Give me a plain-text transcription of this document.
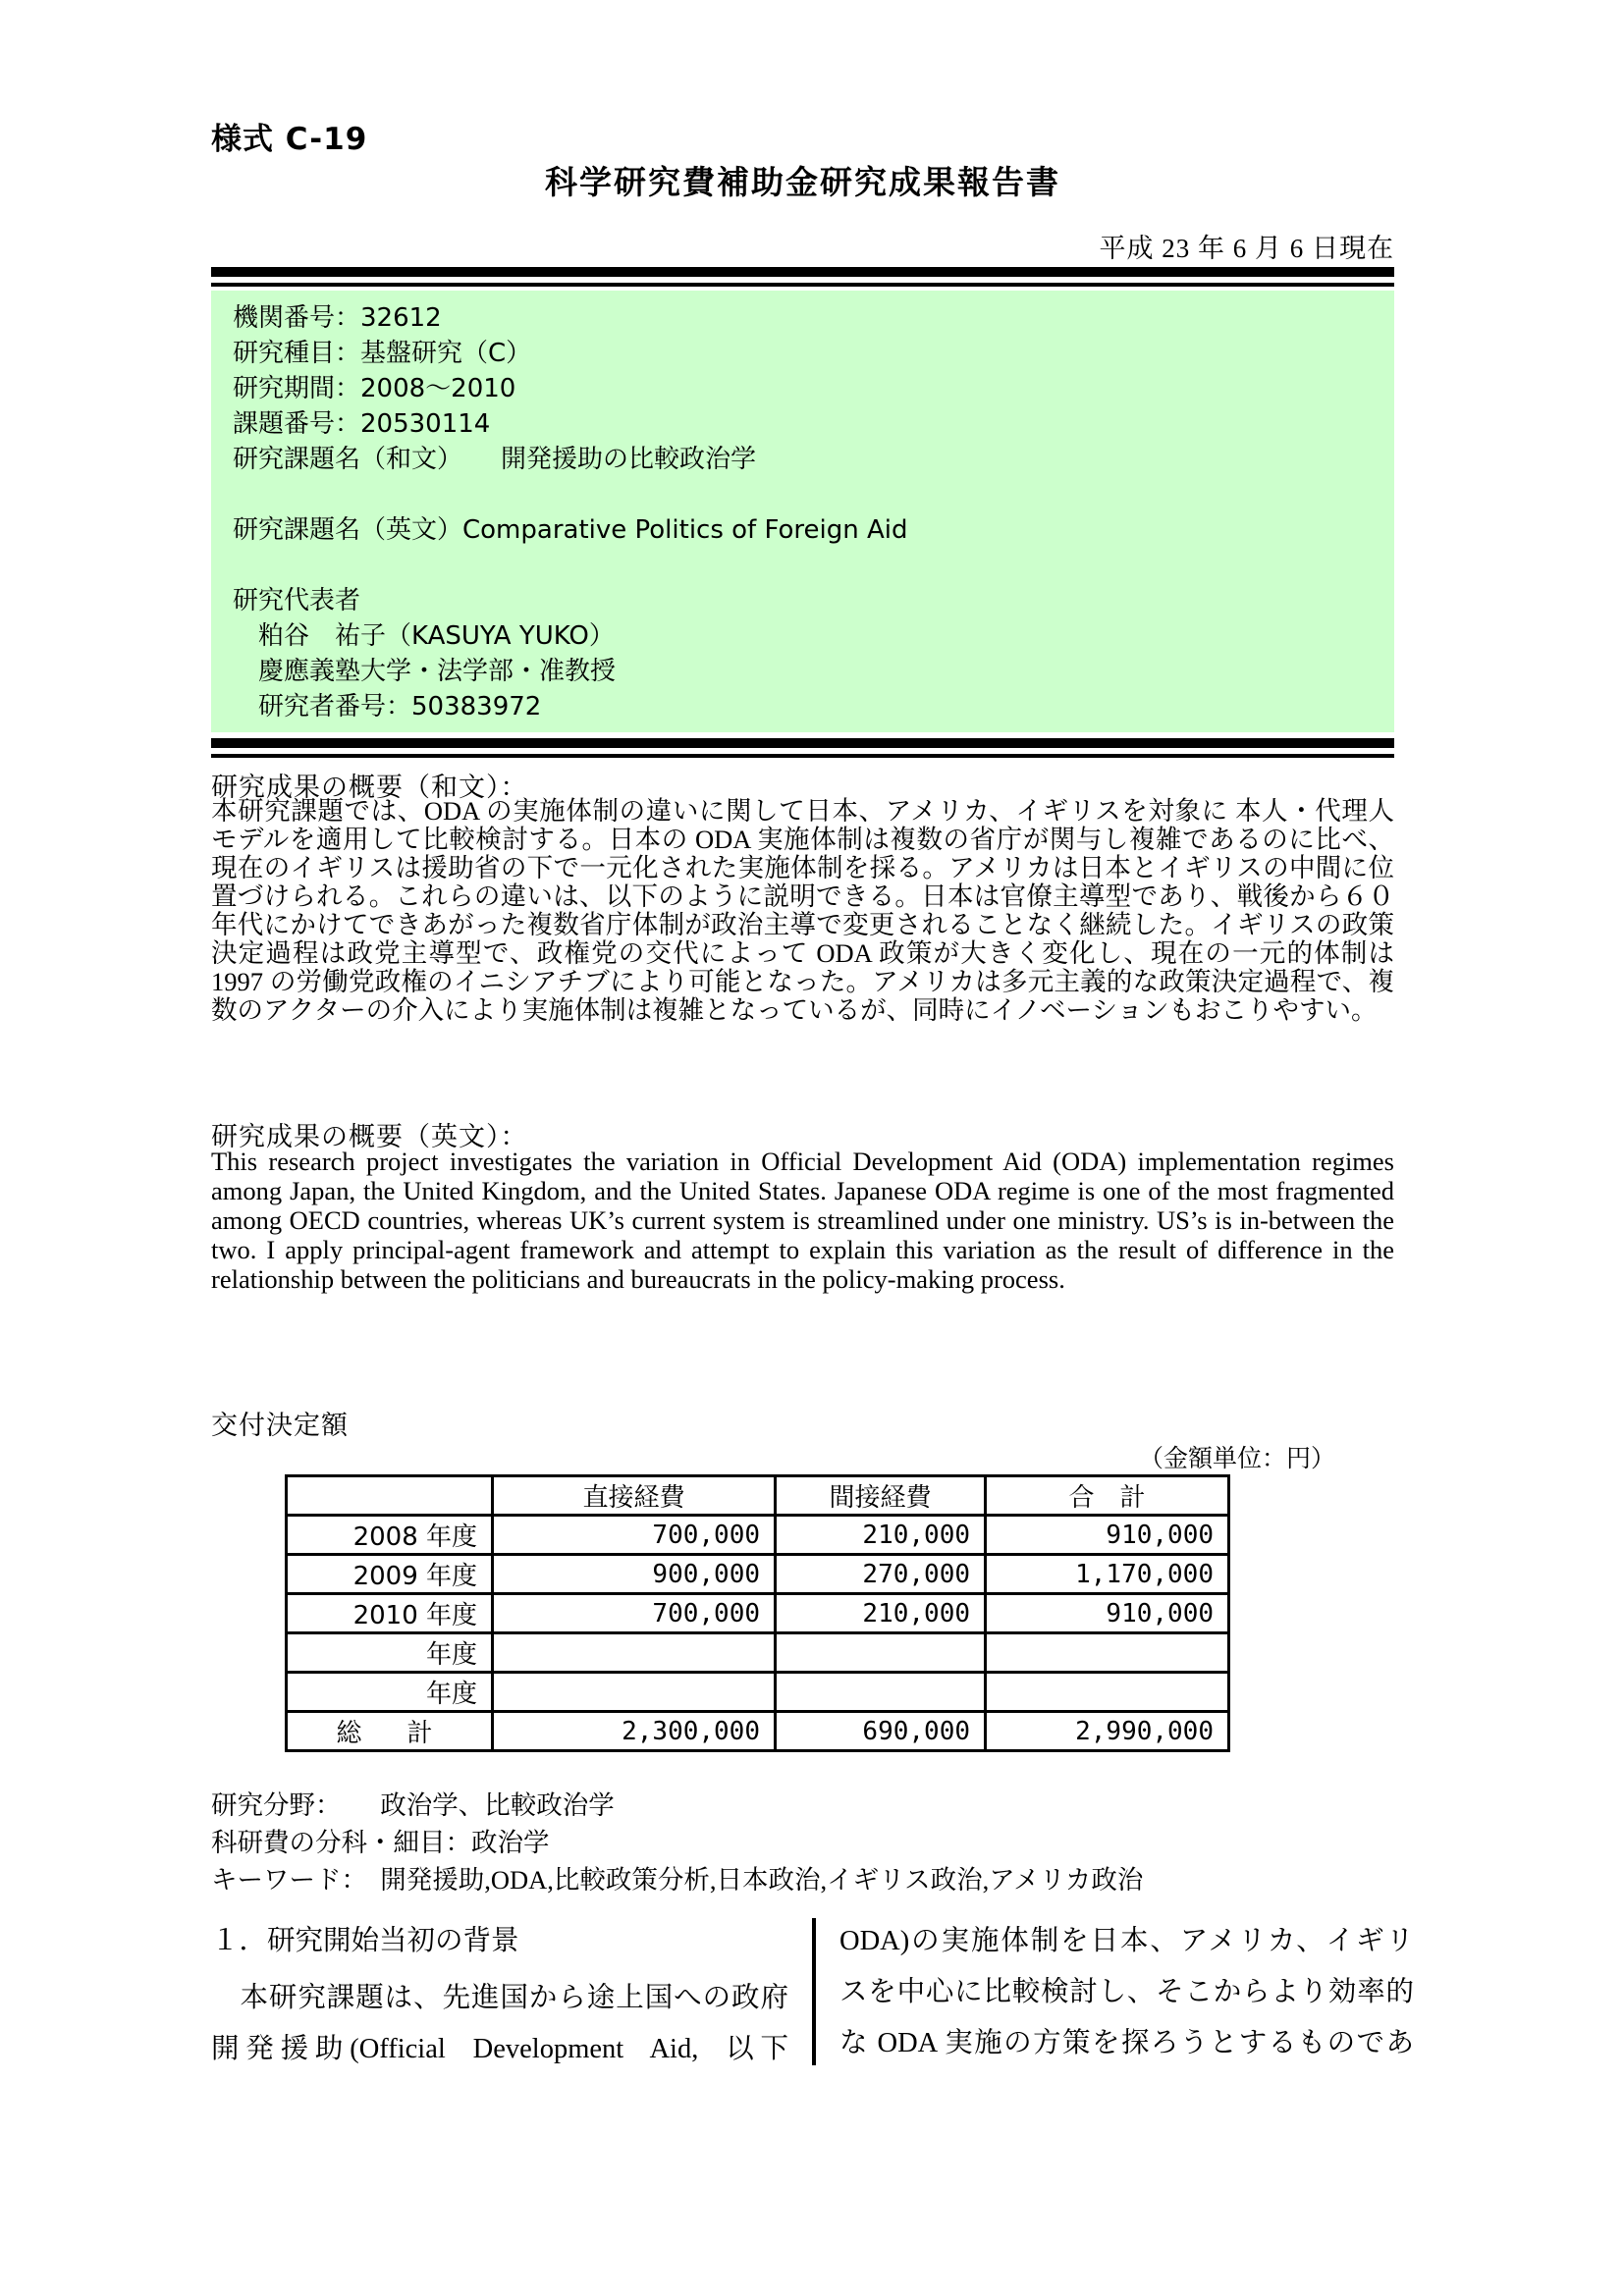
様式 C-19
科学研究費補助金研究成果報告書
平成 23 年 6 月 6 日現在
機関番号：32612
研究種目：基盤研究（C）
研究期間：2008～2010
課題番号：20530114
研究課題名（和文）　　開発援助の比較政治学
研究課題名（英文）Comparative Politics of Foreign Aid
研究代表者
　粕谷　祐子（KASUYA YUKO）
　慶應義塾大学・法学部・准教授
　研究者番号：50383972
研究成果の概要（和文）：
本研究課題では、ODA の実施体制の違いに関して日本、アメリカ、イギリスを対象に 本人・代理人モデルを適用して比較検討する。日本の ODA 実施体制は複数の省庁が関与し複雑であるのに比べ、現在のイギリスは援助省の下で一元化された実施体制を採る。アメリカは日本とイギリスの中間に位置づけられる。これらの違いは、以下のように説明できる。日本は官僚主導型であり、戦後から６０年代にかけてできあがった複数省庁体制が政治主導で変更されることなく継続した。イギリスの政策決定過程は政党主導型で、政権党の交代によって ODA 政策が大きく変化し、現在の一元的体制は 1997 の労働党政権のイニシアチブにより可能となった。アメリカは多元主義的な政策決定過程で、複数のアクターの介入により実施体制は複雑となっているが、同時にイノベーションもおこりやすい。
研究成果の概要（英文）：
This research project investigates the variation in Official Development Aid (ODA) implementation regimes among Japan, the United Kingdom, and the United States. Japanese ODA regime is one of the most fragmented among OECD countries, whereas UK’s current system is streamlined under one ministry. US’s is in-between the two. I apply principal-agent framework and attempt to explain this variation as the result of difference in the relationship between the politicians and bureaucrats in the policy-making process.
交付決定額
（金額単位：円）
	直接経費	間接経費	合　計
2008 年度	700,000	210,000	910,000
2009 年度	900,000	270,000	1,170,000
2010 年度	700,000	210,000	910,000
年度			
年度			
総　計	2,300,000	690,000	2,990,000
研究分野：　　政治学、比較政治学
科研費の分科・細目：政治学
キーワード：　開発援助,ODA,比較政策分析,日本政治,イギリス政治,アメリカ政治
１．研究開始当初の背景
　本研究課題は、先進国から途上国への政府
開発援助(Official  Development  Aid,  以下
ODA)の実施体制を日本、アメリカ、イギリ
スを中心に比較検討し、そこからより効率的
な ODA 実施の方策を探ろうとするものであ
